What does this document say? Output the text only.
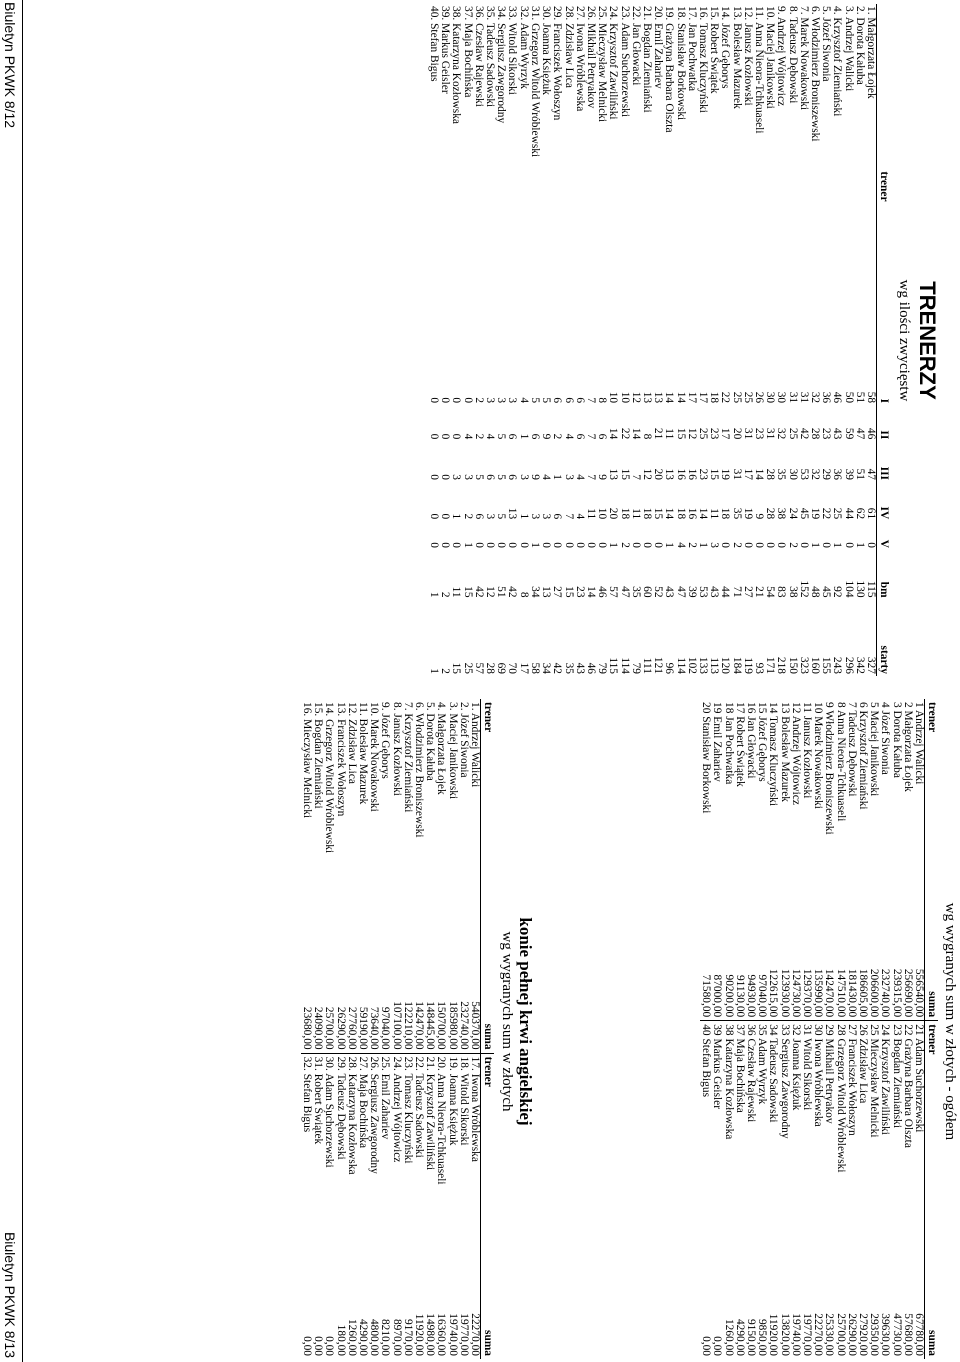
TRENERZY
wg ilości zwycięstw
trener	I	II	III	IV	V	bm	starty
1. Małgorzata Łojek	58	46	47	61	0	115	327
2. Dorota Kałuba	51	47	51	62	1	130	342
3. Andrzej Walicki	50	59	39	44	0	104	296
4. Krzysztof Ziemiański	46	43	36	25	1	92	243
5. Józef Siwonia	36	23	29	22	0	45	155
6. Włodzimierz Broniszewski	32	28	32	19	1	48	160
7. Marek Nowakowski	31	42	53	45	0	152	323
8. Tadeusz Dębowski	31	25	30	24	2	38	150
9. Andrzej Wójtowicz	30	32	35	38	0	83	218
10. Maciej Janikowski	30	31	28	28	0	54	171
11. Anna Nieora-Tchkuaseli	26	23	14	9	0	21	93
12. Janusz Kozłowski	25	31	17	19	0	27	119
13. Bolesław Mazurek	25	20	31	35	2	71	184
14. Józef Gęborys	22	17	19	18	0	44	120
15. Robert Świątek	18	23	15	11	3	43	113
16. Tomasz Kluczyński	17	25	23	14	1	53	133
17. Jan Pochwatka	17	12	16	16	2	39	102
18. Stanisław Borkowski	14	15	16	18	4	47	114
19. Grażyna Barbara Olszta	14	11	13	14	1	43	96
20. Emil Zahariev	13	21	20	15	0	52	121
21. Bogdan Ziemiański	13	8	12	18	0	60	111
22. Jan Głowacki	12	14	7	11	0	35	79
23. Adam Suchorzewski	10	22	15	18	2	47	114
24. Krzysztof Zawiliński	10	14	13	20	1	57	115
25. Mieczysław Melnicki	8	6	9	10	0	46	79
26. Mikhail Petryakov	7	7	7	11	0	14	46
27. Iwona Wróblewska	6	6	4	4	0	23	43
28. Zdzisław Lica	6	4	3	7	0	15	35
29. Franciszek Wołoszyn	6	2	1	6	0	27	42
30. Joanna Księżuk	5	9	4	3	0	13	34
31. Grzegorz Witold Wróblewski	5	6	9	3	1	34	58
32. Adam Wyrzyk	4	1	3	1	0	8	17
33. Witold Sikorski	3	6	6	13	0	42	70
34. Sergiusz Zawgorodny	3	5	5	5	0	51	69
35. Tadeusz Sadowski	3	4	6	3	0	12	28
36. Czesław Rajewski	2	2	5	6	0	42	57
37. Maja Bochińska	0	4	3	2	1	15	25
38. Katarzyna Kozłowska	0	0	3	1	0	11	15
39. Markus Geisler	0	0	0	0	0	2	2
40. Stefan Bigus	0	0	0	0	0	1	1
Biuletyn PKWK 8/12
wg wygranych sum w złotych - ogółem
trener	suma	trener	suma
1 Andrzej Walicki	556540,00	21 Adam Suchorzewski	67780,00
2 Małgorzata Łojek	256690,00	22 Grażyna Barbara Olszta	57680,00
3 Dorota Kałuba	239315,00	23 Bogdan Ziemiański	47730,00
4 Józef Siwonia	232740,00	24 Krzysztof Zawiliński	39630,00
5 Maciej Janikowski	206600,00	25 Mieczysław Melnicki	29350,00
6 Krzysztof Ziemiański	186605,00	26 Zdzisław Lica	27920,00
7 Tadeusz Dębowski	181430,00	27 Franciszek Wołoszyn	26290,00
8 Anna Nieora-Tchkuaseli	147510,00	28 Grzegorz Witold Wróblewski	25700,00
9 Włodzimierz Broniszewski	142470,00	29 Mikhail Petryakov	25330,00
10 Marek Nowakowski	135990,00	30 Iwona Wróblewska	22270,00
11 Janusz Kozłowski	129370,00	31 Witold Sikorski	19770,00
12 Andrzej Wójtowicz	124730,00	32 Joanna Księżuk	19740,00
13 Bolesław Mazurek	123930,00	33 Sergiusz Zawgorodny	13820,00
14 Tomasz Kluczyński	122615,00	34 Tadeusz Sadowski	11920,00
15 Józef Gęborys	97040,00	35 Adam Wyrzyk	9850,00
16 Jan Głowacki	94930,00	36 Czesław Rajewski	9150,00
17 Robert Świątek	91130,00	37 Maja Bochińska	4290,00
18 Jan Pochwatka	90200,00	38 Katarzyna Kozłowska	1260,00
19 Emil Zahariev	87000,00	39 Markus Geisler	0,00
20 Stanisław Borkowski	71580,00	40 Stefan Bigus	0,00
konie pełnej krwi angielskiej
wg wygranych sum w złotych
trener	suma	trener	suma
1. Andrzej Walicki	540370,00	17. Iwona Wróblewska	22270,00
2. Józef Siwonia	232740,00	18. Witold Sikorski	19770,00
3. Maciej Janikowski	185980,00	19. Joanna Księżuk	19740,00
4. Małgorzata Łojek	150700,00	20. Anna Nieora-Tchkuaseli	16360,00
5. Dorota Kałuba	148445,00	21. Krzysztof Zawiliński	14980,00
6. Włodzimierz Broniszewski	142470,00	22. Tadeusz Sadowski	11920,00
7. Krzysztof Ziemiański	122210,00	23. Tomasz Kluczyński	9170,00
8. Janusz Kozłowski	107100,00	24. Andrzej Wójtowicz	8970,00
9. Józef Gęborys	97040,00	25. Emil Zahariev	8210,00
10. Marek Nowakowski	73640,00	26. Sergiusz Zawgorodny	4800,00
11. Bolesław Mazurek	59190,00	27. Maja Bochińska	4290,00
12. Zdzisław Lica	27760,00	28. Katarzyna Kozłowska	1260,00
13. Franciszek Wołoszyn	26290,00	29. Tadeusz Dębowski	180,00
14. Grzegorz Witold Wróblewski	25700,00	30. Adam Suchorzewski	0,00
15. Bogdan Ziemiański	24090,00	31. Robert Świątek	0,00
16. Mieczysław Melnicki	23680,00	32. Stefan Bigus	0,00
Biuletyn PKWK 8/13
